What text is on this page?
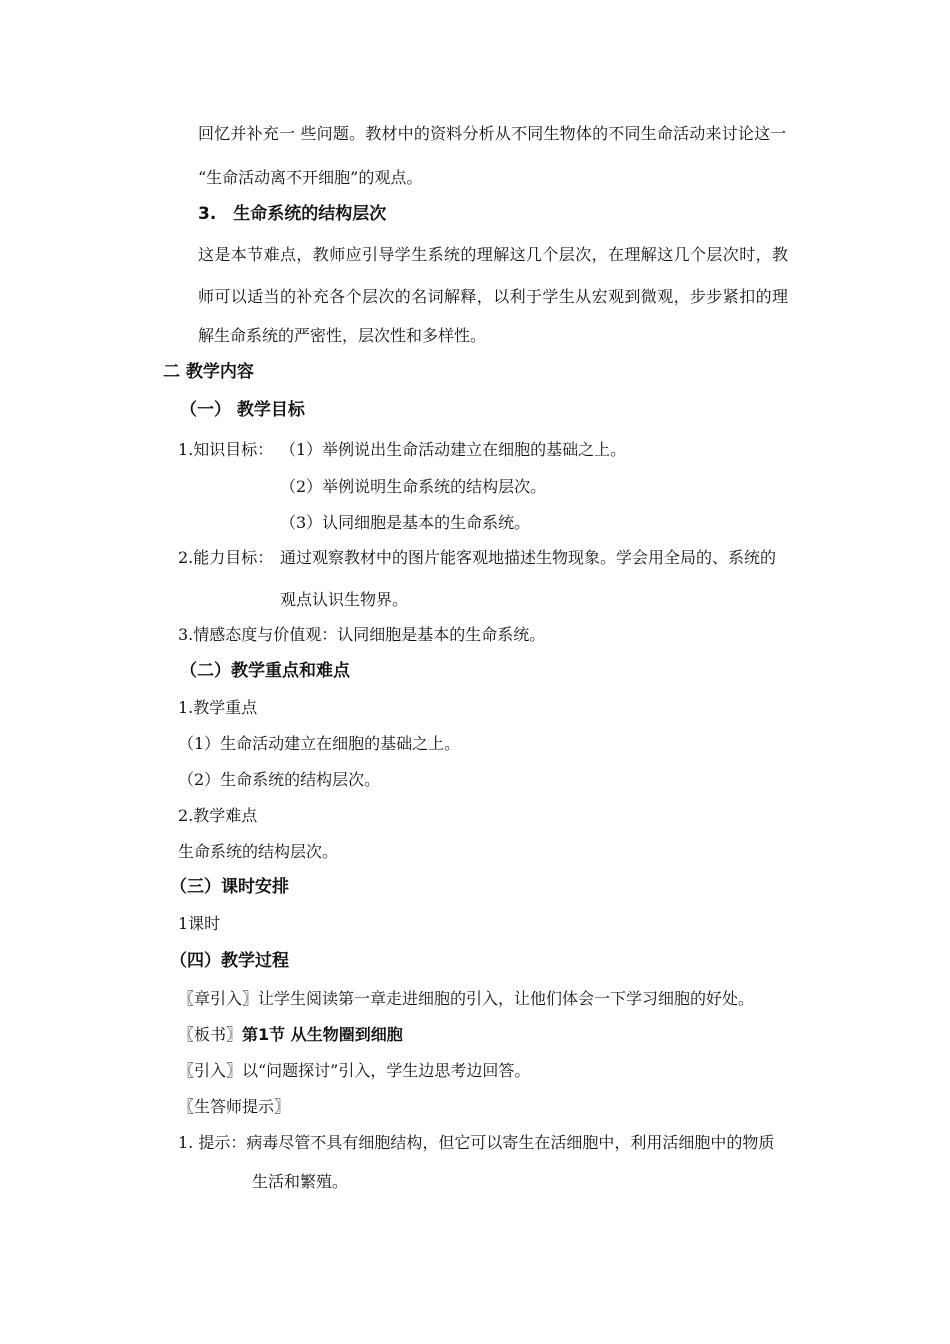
回忆并补充一 些问题。教材中的资料分析从不同生物体的不同生命活动来讨论这一
“生命活动离不开细胞”的观点。
3.　生命系统的结构层次
这是本节难点，教师应引导学生系统的理解这几个层次，在理解这几个层次时，教
师可以适当的补充各个层次的名词解释，以利于学生从宏观到微观，步步紧扣的理
解生命系统的严密性，层次性和多样性。
二 教学内容
（一） 教学目标
1.知识目标： （1）举例说出生命活动建立在细胞的基础之上。
（2）举例说明生命系统的结构层次。
（3）认同细胞是基本的生命系统。
2.能力目标： 通过观察教材中的图片能客观地描述生物现象。学会用全局的、系统的
观点认识生物界。
3.情感态度与价值观：认同细胞是基本的生命系统。
（二）教学重点和难点
1.教学重点
（1）生命活动建立在细胞的基础之上。
（2）生命系统的结构层次。
2.教学难点
生命系统的结构层次。
（三）课时安排
1课时
（四）教学过程
〖章引入〗让学生阅读第一章走进细胞的引入，让他们体会一下学习细胞的好处。
〖板书〗第1节 从生物圈到细胞
〖引入〗以“问题探讨”引入，学生边思考边回答。
〖生答师提示〗
1. 提示：病毒尽管不具有细胞结构，但它可以寄生在活细胞中，利用活细胞中的物质
生活和繁殖。
